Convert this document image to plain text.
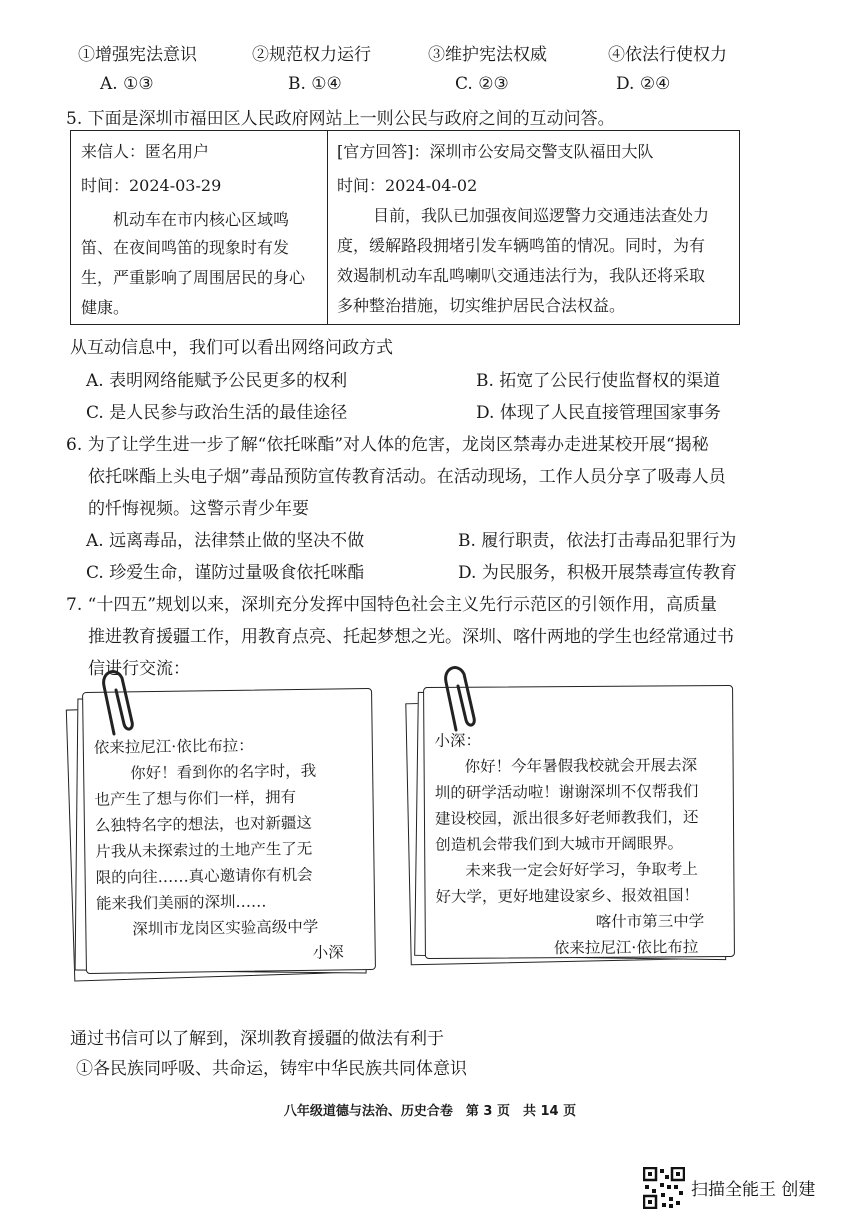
①增强宪法意识	②规范权力运行	③维护宪法权威	④依法行使权力
A. ①③	B. ①④	C. ②③	D. ②④
5. 下面是深圳市福田区人民政府网站上一则公民与政府之间的互动问答。
来信人：匿名用户
时间：2024-03-29
机动车在市内核心区域鸣
笛、在夜间鸣笛的现象时有发
生，严重影响了周围居民的身心
健康。
[官方回答]：深圳市公安局交警支队福田大队
时间：2024-04-02
目前，我队已加强夜间巡逻警力交通违法查处力
度，缓解路段拥堵引发车辆鸣笛的情况。同时，为有
效遏制机动车乱鸣喇叭交通违法行为，我队还将采取
多种整治措施，切实维护居民合法权益。
从互动信息中，我们可以看出网络问政方式
A. 表明网络能赋予公民更多的权利	B. 拓宽了公民行使监督权的渠道
C. 是人民参与政治生活的最佳途径	D. 体现了人民直接管理国家事务
6. 为了让学生进一步了解“依托咪酯”对人体的危害，龙岗区禁毒办走进某校开展“揭秘
依托咪酯上头电子烟”毒品预防宣传教育活动。在活动现场，工作人员分享了吸毒人员
的忏悔视频。这警示青少年要
A. 远离毒品，法律禁止做的坚决不做	B. 履行职责，依法打击毒品犯罪行为
C. 珍爱生命，谨防过量吸食依托咪酯	D. 为民服务，积极开展禁毒宣传教育
7. “十四五”规划以来，深圳充分发挥中国特色社会主义先行示范区的引领作用，高质量
推进教育援疆工作，用教育点亮、托起梦想之光。深圳、喀什两地的学生也经常通过书
信进行交流：
依来拉尼江·依比布拉：
你好！看到你的名字时，我
也产生了想与你们一样，拥有
么独特名字的想法，也对新疆这
片我从未探索过的土地产生了无
限的向往……真心邀请你有机会
能来我们美丽的深圳……
深圳市龙岗区实验高级中学
小深
小深：
你好！今年暑假我校就会开展去深
圳的研学活动啦！谢谢深圳不仅帮我们
建设校园，派出很多好老师教我们，还
创造机会带我们到大城市开阔眼界。
未来我一定会好好学习，争取考上
好大学，更好地建设家乡、报效祖国！
喀什市第三中学
依来拉尼江·依比布拉
通过书信可以了解到，深圳教育援疆的做法有利于
①各民族同呼吸、共命运，铸牢中华民族共同体意识
八年级道德与法治、历史合卷　第 3 页　共 14 页
扫描全能王 创建
